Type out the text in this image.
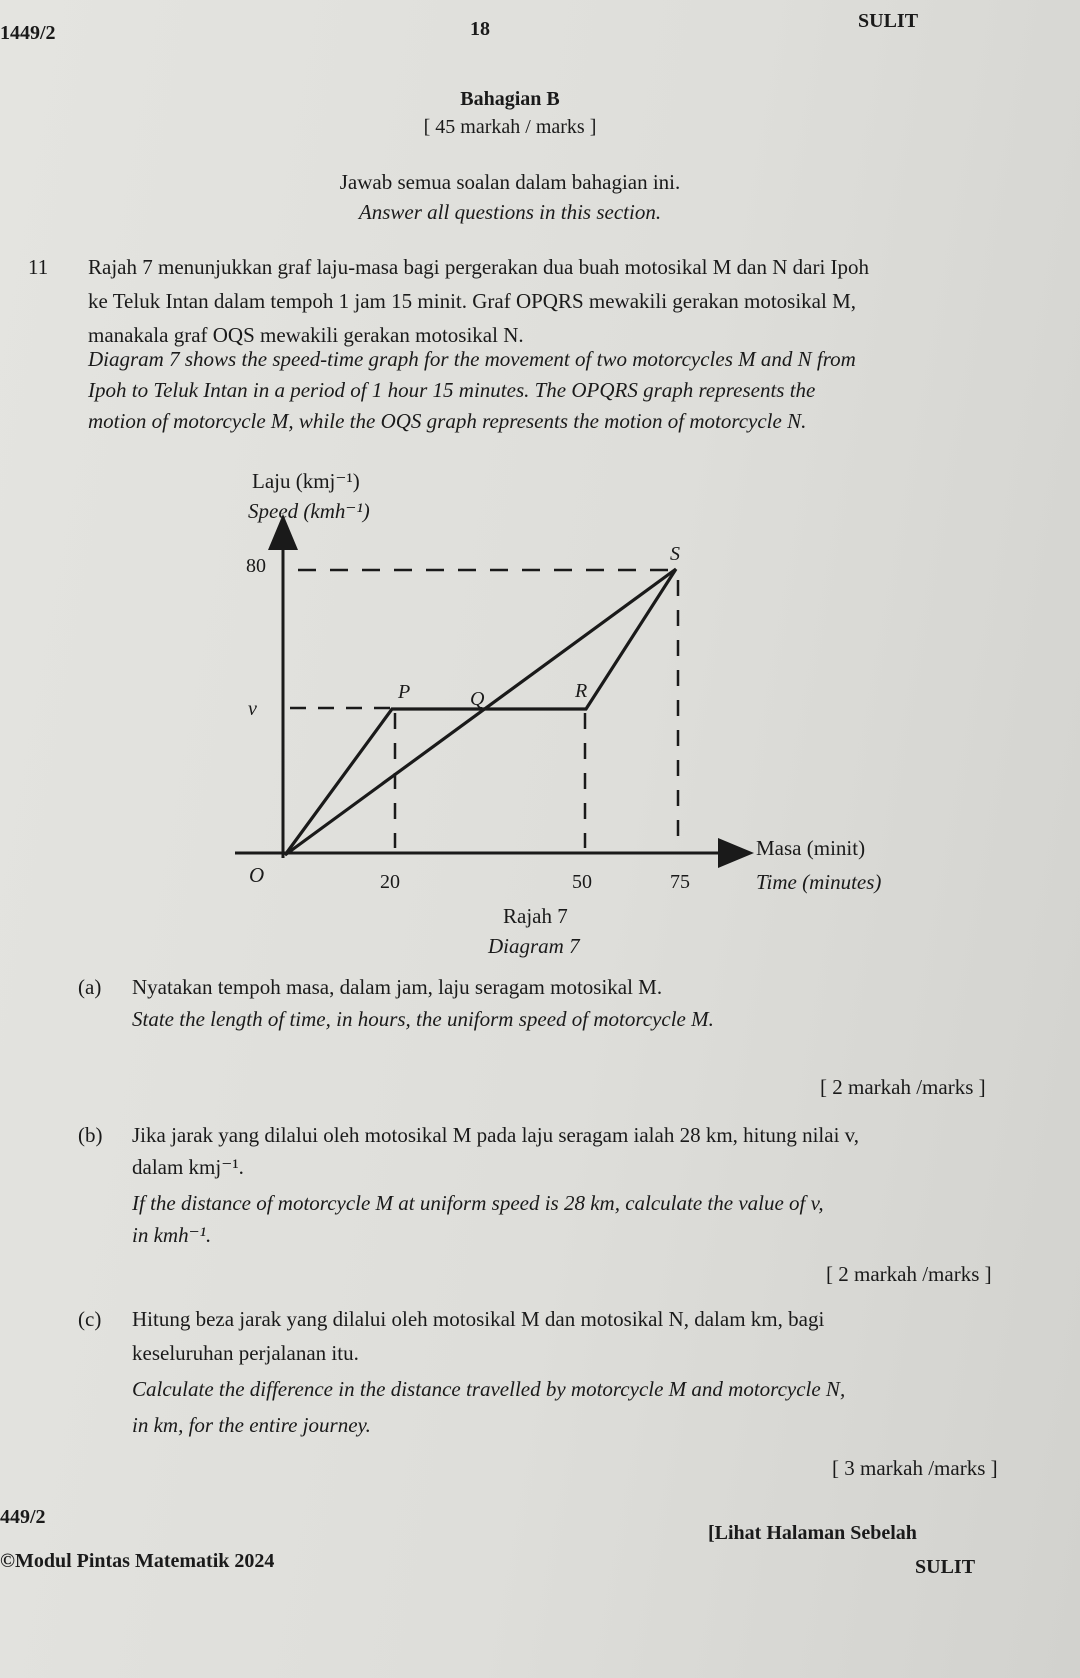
1449/2	18	SULIT
Bahagian B
[ 45 markah / marks ]
Jawab semua soalan dalam bahagian ini.
Answer all questions in this section.
11 Rajah 7 menunjukkan graf laju-masa bagi pergerakan dua buah motosikal M dan N dari Ipoh
ke Teluk Intan dalam tempoh 1 jam 15 minit. Graf OPQRS mewakili gerakan motosikal M,
manakala graf OQS mewakili gerakan motosikal N.
Diagram 7 shows the speed-time graph for the movement of two motorcycles M and N from
Ipoh to Teluk Intan in a period of 1 hour 15 minutes. The OPQRS graph represents the
motion of motorcycle M, while the OQS graph represents the motion of motorcycle N.
Laju (kmj⁻¹)
Speed (kmh⁻¹)
Masa (minit)
Time (minutes)
80
v
O	20	50	75
P	Q	R
S
Rajah 7
Diagram 7
(a) Nyatakan tempoh masa, dalam jam, laju seragam motosikal M.
State the length of time, in hours, the uniform speed of motorcycle M.
[ 2 markah /marks ]
(b) Jika jarak yang dilalui oleh motosikal M pada laju seragam ialah 28 km, hitung nilai v,
dalam kmj⁻¹.
If the distance of motorcycle M at uniform speed is 28 km, calculate the value of v,
in kmh⁻¹.
[ 2 markah /marks ]
(c) Hitung beza jarak yang dilalui oleh motosikal M dan motosikal N, dalam km, bagi
keseluruhan perjalanan itu.
Calculate the difference in the distance travelled by motorcycle M and motorcycle N,
in km, for the entire journey.
[ 3 markah /marks ]
449/2
©Modul Pintas Matematik 2024
[Lihat Halaman Sebelah
SULIT
